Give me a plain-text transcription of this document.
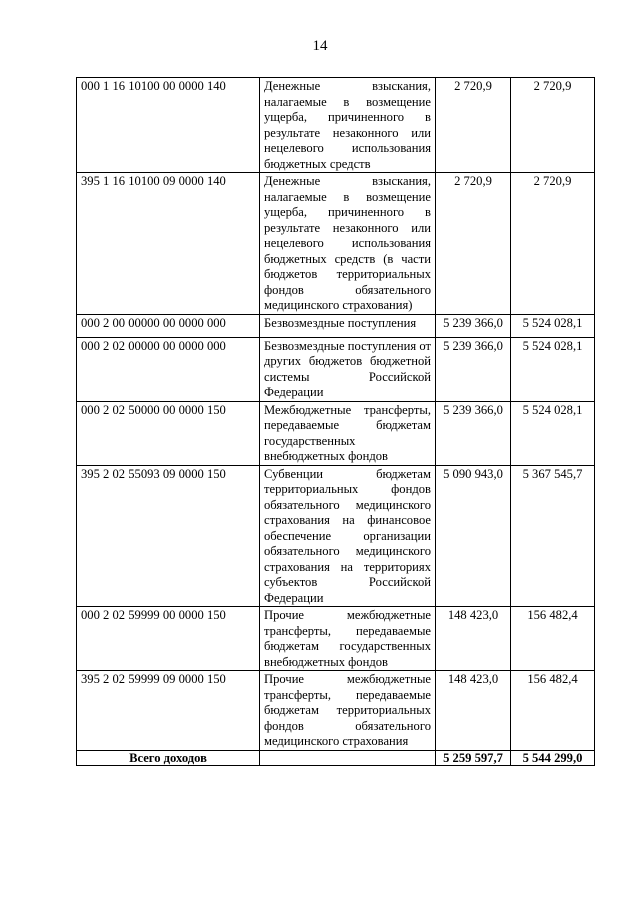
14
000 1 16 10100 00 0000 140	Денежные взыскания, налагаемые в возмещение ущерба, причиненного в результате незаконного или нецелевого использования бюджетных средств	2 720,9	2 720,9
395 1 16 10100 09 0000 140	Денежные взыскания, налагаемые в возмещение ущерба, причиненного в результате незаконного или нецелевого использования бюджетных средств (в части бюджетов территориальных фондов обязательного медицинского страхования)	2 720,9	2 720,9
000 2 00 00000 00 0000 000	Безвозмездные поступления	5 239 366,0	5 524 028,1
000 2 02 00000 00 0000 000	Безвозмездные поступления от других бюджетов бюджетной системы Российской Федерации	5 239 366,0	5 524 028,1
000 2 02 50000 00 0000 150	Межбюджетные трансферты, передаваемые бюджетам государственных внебюджетных фондов	5 239 366,0	5 524 028,1
395 2 02 55093 09 0000 150	Субвенции бюджетам территориальных фондов обязательного медицинского страхования на финансовое обеспечение организации обязательного медицинского страхования на территориях субъектов Российской Федерации	5 090 943,0	5 367 545,7
000 2 02 59999 00 0000 150	Прочие межбюджетные трансферты, передаваемые бюджетам государственных внебюджетных фондов	148 423,0	156 482,4
395 2 02 59999 09 0000 150	Прочие межбюджетные трансферты, передаваемые бюджетам территориальных фондов обязательного медицинского страхования	148 423,0	156 482,4
Всего доходов		5 259 597,7	5 544 299,0
